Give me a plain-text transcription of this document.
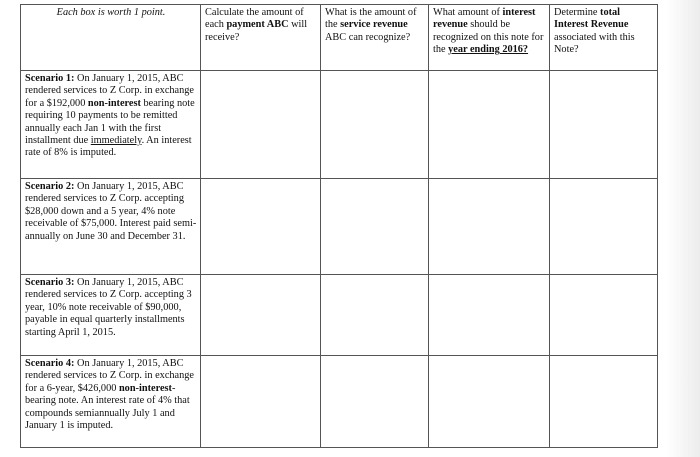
Each box is worth 1 point.	Calculate the amount of each payment ABC will receive?	What is the amount of the service revenue ABC can recognize?	What amount of interest revenue should be recognized on this note for the year ending 2016?	Determine total Interest Revenue associated with this Note?
Scenario 1: On January 1, 2015, ABC rendered services to Z Corp. in exchange for a $192,000 non-interest bearing note requiring 10 payments to be remitted annually each Jan 1 with the first installment due immediately. An interest rate of 8% is imputed.				
Scenario 2: On January 1, 2015, ABC rendered services to Z Corp. accepting $28,000 down and a 5 year, 4% note receivable of $75,000. Interest paid semi-annually on June 30 and December 31.				
Scenario 3: On January 1, 2015, ABC rendered services to Z Corp. accepting 3 year, 10% note receivable of $90,000, payable in equal quarterly installments starting April 1, 2015.				
Scenario 4: On January 1, 2015, ABC rendered services to Z Corp. in exchange for a 6-year, $426,000 non-interest-bearing note. An interest rate of 4% that compounds semiannually July 1 and January 1 is imputed.				
